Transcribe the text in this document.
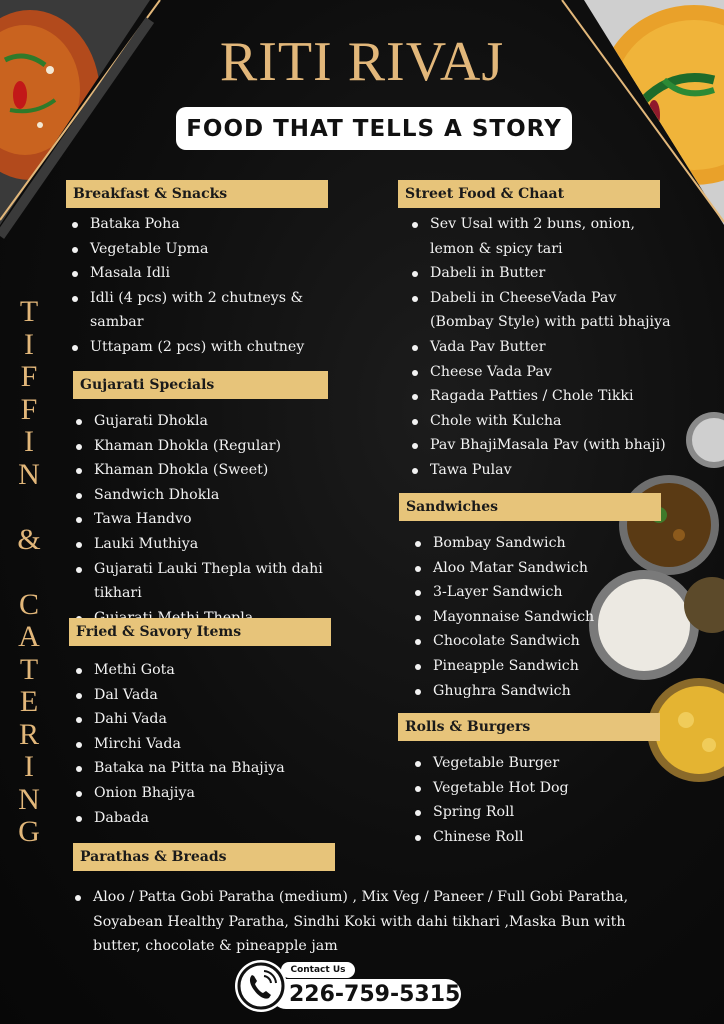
RITI RIVAJ
FOOD THAT TELLS A STORY
T
I
F
F
I
N

&

C
A
T
E
R
I
N
G
Breakfast & Snacks
Bataka Poha
Vegetable Upma
Masala Idli
Idli (4 pcs) with 2 chutneys & sambar
Uttapam (2 pcs) with chutney
Gujarati Specials
Gujarati Dhokla
Khaman Dhokla (Regular)
Khaman Dhokla (Sweet)
Sandwich Dhokla
Tawa Handvo
Lauki Muthiya
Gujarati Lauki Thepla with dahi tikhari
Fried & Savory Items
Methi Gota
Dal Vada
Dahi Vada
Mirchi Vada
Bataka na Pitta na Bhajiya
Onion Bhajiya
Dabada
Parathas & Breads
Aloo / Patta Gobi Paratha (medium) , Mix Veg / Paneer / Full Gobi Paratha, Soyabean Healthy Paratha, Sindhi Koki with dahi tikhari ,Maska Bun with butter, chocolate & pineapple jam
Street Food & Chaat
Sev Usal with 2 buns, onion, lemon & spicy tari
Dabeli in Butter
Dabeli in CheeseVada Pav (Bombay Style) with patti bhajiya
Vada Pav Butter
Cheese Vada Pav
Ragada Patties / Chole Tikki
Chole with Kulcha
Pav BhajiMasala Pav (with bhaji)
Tawa Pulav
Sandwiches
Bombay Sandwich
Aloo Matar Sandwich
3-Layer Sandwich
Mayonnaise Sandwich
Chocolate Sandwich
Pineapple Sandwich
Ghughra Sandwich
Rolls & Burgers
Vegetable Burger
Vegetable Hot Dog
Spring Roll
Chinese Roll
Contact Us
226-759-5315
